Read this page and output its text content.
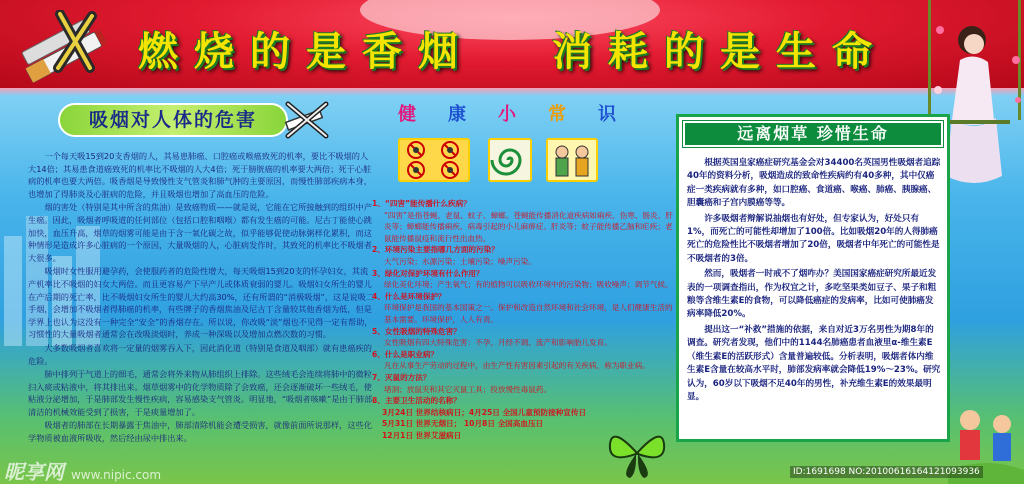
燃烧的是香烟 消耗的是生命
吸烟对人体的危害

一个每天吸15到20支香烟的人，其易患肺癌、口腔癌或喉癌致死的机率，要比不吸烟的人大14倍；其易患食道癌致死的机率比不吸烟的人大4倍；死于膀胱癌的机率要大两倍；死于心脏病的机率也要大两倍。吸香烟是导致慢性支气管炎和肺气肿的主要原因，而慢性肺部疾病本身，也增加了得肺炎及心脏病的危险，并且吸烟也增加了高血压的危险。

烟的害处（特别是其中所含的焦油）是致癌物质——就是说，它能在它所接触到的组织中产生癌。因此，吸烟者呼吸道的任何部位（包括口腔和咽喉）都有发生癌的可能。尼古丁能使心跳加快，血压升高，烟草的烟雾可能是由于含一氧化碳之故，似乎能够促使动脉粥样化累积，而这种情形是造成许多心脏病的一个原因，大量吸烟的人，心脏病发作时，其致死的机率比不吸烟者大很多。

吸烟时女性服用避孕药，会使服药者的危险性增大，每天吸烟15到20支的怀孕妇女，其流产机率比不吸烟的妇女大两倍。而且更容易产下早产儿或体质衰弱的婴儿。吸烟妇女所生的婴儿在产后期的死亡率，比不吸烟妇女所生的婴儿大约高30%，还有所谓的“消极吸烟”，这是说吸二手烟，会增加不吸烟者得肺癌的机率，有些牌子的香烟焦油及尼古丁含量较其他香烟为低，但是学界上也认为这没有一种完全“安全”的香烟存在。所以说，你改吸“淡”烟也不见得一定有帮助，习惯性的大量吸烟者通常会在改吸淡烟时，养成一种深吸以及增加点燃次数的习惯。

大多数吸烟者喜欢将一定量的烟雾吞入下，因此消化道（特别是食道及咽部）就有患癌疾的危险。

肺中排列于气道上的细毛，通常会将外来物从肺组织上排除。这些绒毛会连续将肺中的微粒扫入痰或粘液中，将其排出来。烟草烟雾中的化学物质除了会致癌，还会逐渐破坏一些绒毛，使粘液分泌增加，于是肺部发生慢性疾病，容易感染支气管炎。明显地，“吸烟者咳嗽”是由于肺部清洁的机械效能受到了损害，于是痰量增加了。

吸烟者的肺部在长期暴露于焦油中，肺部清除机能会遭受损害，就像前面所说那样，这些化学物质被血液所吸收，然后经由尿中排出来。

健 康 小 常 识
1、“四害”能传播什么疾病？
“四害”是指苍蝇、老鼠、蚊子、蟑螂。苍蝇能传播消化道疾病如痢疾、伤寒、肠炎、肝炎等；蟑螂能传播痢疾、病毒引起的小儿麻痹症、肝炎等；蚊子能传播乙脑和疟疾；老鼠能传播鼠疫和流行性出血热。
2、环境污染主要指哪几方面的污染？
大气污染；水源污染；土壤污染；噪声污染。
3、绿化对保护环境有什么作用？
绿化美化环境；产生氧气；有的植物可以吸收环境中的污染物；吸收噪声；调节气候。
4、什么是环境保护？
环境保护是我国的基本国策之一。保护和改造自然环境和社会环境，是人们健康生活的基本需要。环境保护，人人有责。
5、女性吸烟的特殊危害？
女性吸烟有四大特殊危害：不孕、月经不调、流产和影响胎儿发育。
6、什么是职业病？
凡在从事生产劳动的过程中，由生产性有害因素引起的有关疾病，称为职业病。
7、灭鼠的方法？
堵洞；放鼠夹和其它灭鼠工具；投放慢性毒鼠药。
8、主要卫生活动的名称？
3月24日 世界结核病日；4月25日 全国儿童预防接种宣传日
5月31日 世界无烟日； 10月8日 全国高血压日
12月1日 世界艾滋病日
远离烟草 珍惜生命

根据英国皇家癌症研究基金会对34400名英国男性吸烟者追踪40年的资料分析，吸烟造成的致命性疾病约有40多种，其中仅癌症一类疾病就有多种，如口腔癌、食道癌、喉癌、肺癌、胰腺癌、胆囊癌和子宫内膜癌等等。

许多吸烟者辩解说抽烟也有好处，但专家认为，好处只有1%，而死亡的可能性却增加了100倍。比如吸烟20年的人得肺癌死亡的危险性比不吸烟者增加了20倍，吸烟者中年死亡的可能性是不吸烟者的3倍。

然而，吸烟者一时戒不了烟咋办？美国国家癌症研究所最近发表的一项调查指出，作为权宜之计，多吃坚果类如豆子、果子和粗粮等含维生素E的食物，可以降低癌症的发病率，比如可使肺癌发病率降低20%。

提出这一“补救”措施的依据，来自对近3万名男性为期8年的调查。研究者发现，他们中的1144名肺癌患者血液里α-维生素E（维生素E的活跃形式）含量普遍较低。分析表明，吸烟者体内维生素E含量在较高水平时，肺部发病率就会降低19%～23%。研究认为，60岁以下吸烟不足40年的男性，补充维生素E的效果最明显。

昵享网 www.nipic.com	ID:1691698 NO:20100616164121093936
